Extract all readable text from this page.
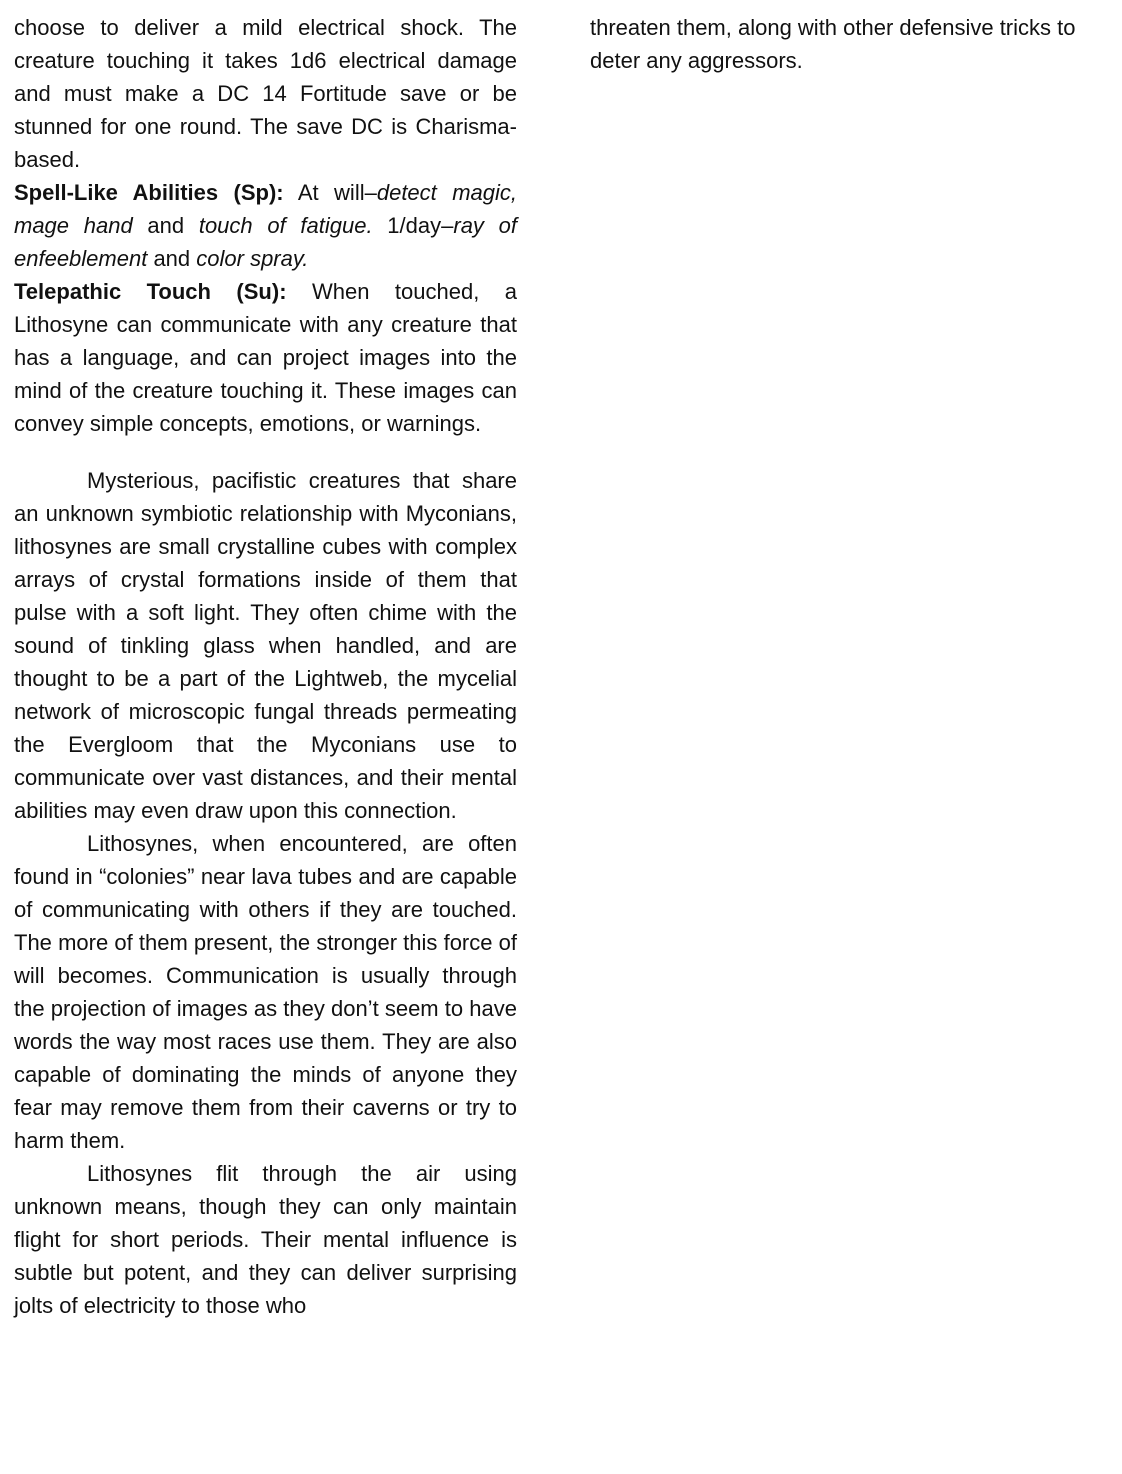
choose to deliver a mild electrical shock. The creature touching it takes 1d6 electrical damage and must make a DC 14 Fortitude save or be stunned for one round. The save DC is Charisma-based.

Spell-Like Abilities (Sp): At will–detect magic, mage hand and touch of fatigue. 1/day–ray of enfeeblement and color spray.

Telepathic Touch (Su): When touched, a Lithosyne can communicate with any creature that has a language, and can project images into the mind of the creature touching it. These images can convey simple concepts, emotions, or warnings.

Mysterious, pacifistic creatures that share an unknown symbiotic relationship with Myconians, lithosynes are small crystalline cubes with complex arrays of crystal formations inside of them that pulse with a soft light. They often chime with the sound of tinkling glass when handled, and are thought to be a part of the Lightweb, the mycelial network of microscopic fungal threads permeating the Evergloom that the Myconians use to communicate over vast distances, and their mental abilities may even draw upon this connection.

Lithosynes, when encountered, are often found in “colonies” near lava tubes and are capable of communicating with others if they are touched. The more of them present, the stronger this force of will becomes. Communication is usually through the projection of images as they don’t seem to have words the way most races use them. They are also capable of dominating the minds of anyone they fear may remove them from their caverns or try to harm them.

Lithosynes flit through the air using unknown means, though they can only maintain flight for short periods. Their mental influence is subtle but potent, and they can deliver surprising jolts of electricity to those who

threaten them, along with other defensive tricks to deter any aggressors.
